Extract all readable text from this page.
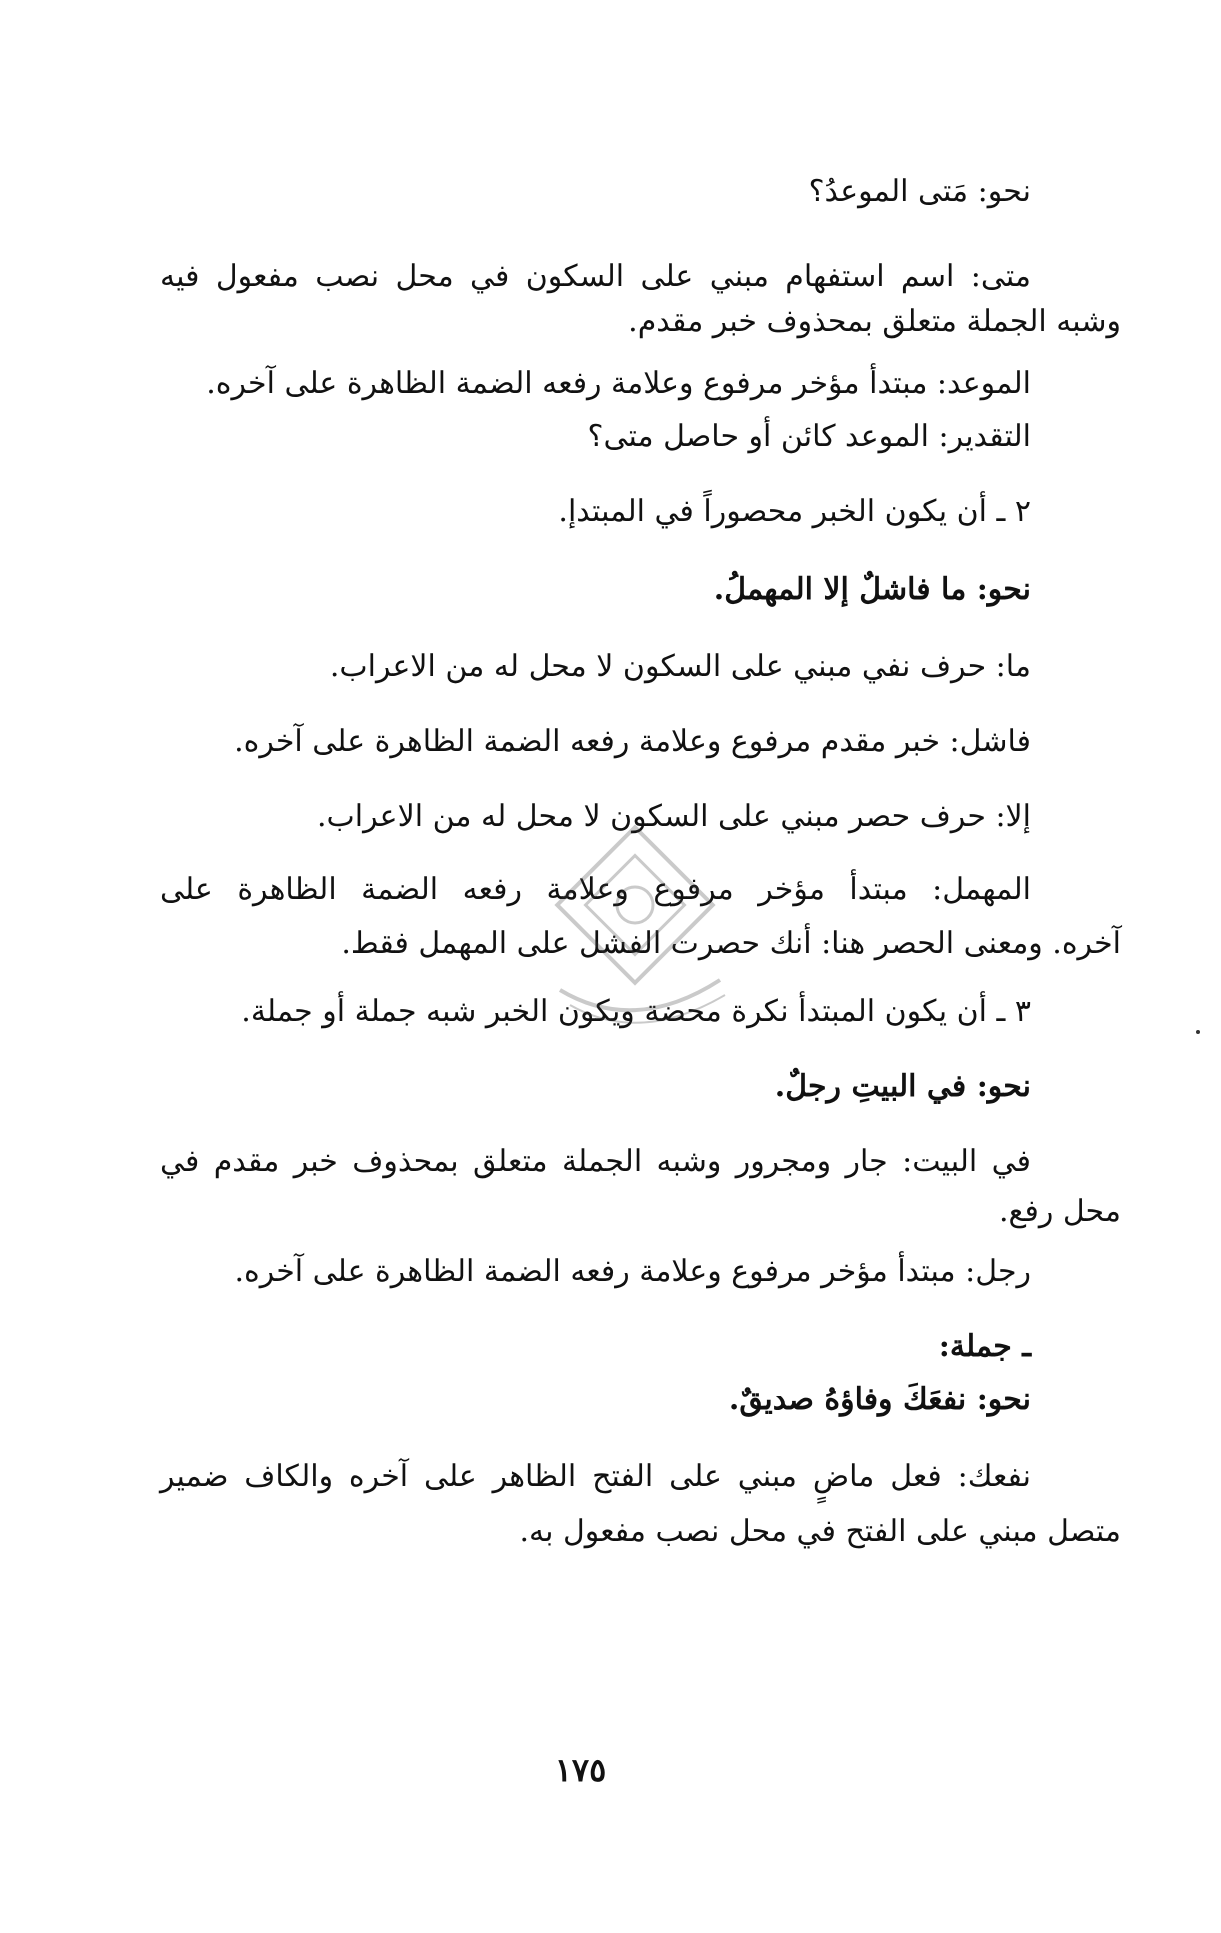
نحو: مَتى الموعدُ؟
متى: اسم استفهام مبني على السكون في محل نصب مفعول فيه
وشبه الجملة متعلق بمحذوف خبر مقدم.
الموعد: مبتدأ مؤخر مرفوع وعلامة رفعه الضمة الظاهرة على آخره.
التقدير: الموعد كائن أو حاصل متى؟
٢ ـ أن يكون الخبر محصوراً في المبتدإ.
نحو: ما فاشلٌ إلا المهملُ.
ما: حرف نفي مبني على السكون لا محل له من الاعراب.
فاشل: خبر مقدم مرفوع وعلامة رفعه الضمة الظاهرة على آخره.
إلا: حرف حصر مبني على السكون لا محل له من الاعراب.
المهمل: مبتدأ مؤخر مرفوع وعلامة رفعه الضمة الظاهرة على
آخره. ومعنى الحصر هنا: أنك حصرت الفشل على المهمل فقط.
٣ ـ أن يكون المبتدأ نكرة محضة ويكون الخبر شبه جملة أو جملة.
نحو: في البيتِ رجلٌ.
في البيت: جار ومجرور وشبه الجملة متعلق بمحذوف خبر مقدم في
محل رفع.
رجل: مبتدأ مؤخر مرفوع وعلامة رفعه الضمة الظاهرة على آخره.
ـ جملة:
نحو: نفعَكَ وفاؤهُ صديقٌ.
نفعك: فعل ماضٍ مبني على الفتح الظاهر على آخره والكاف ضمير
متصل مبني على الفتح في محل نصب مفعول به.
١٧٥
